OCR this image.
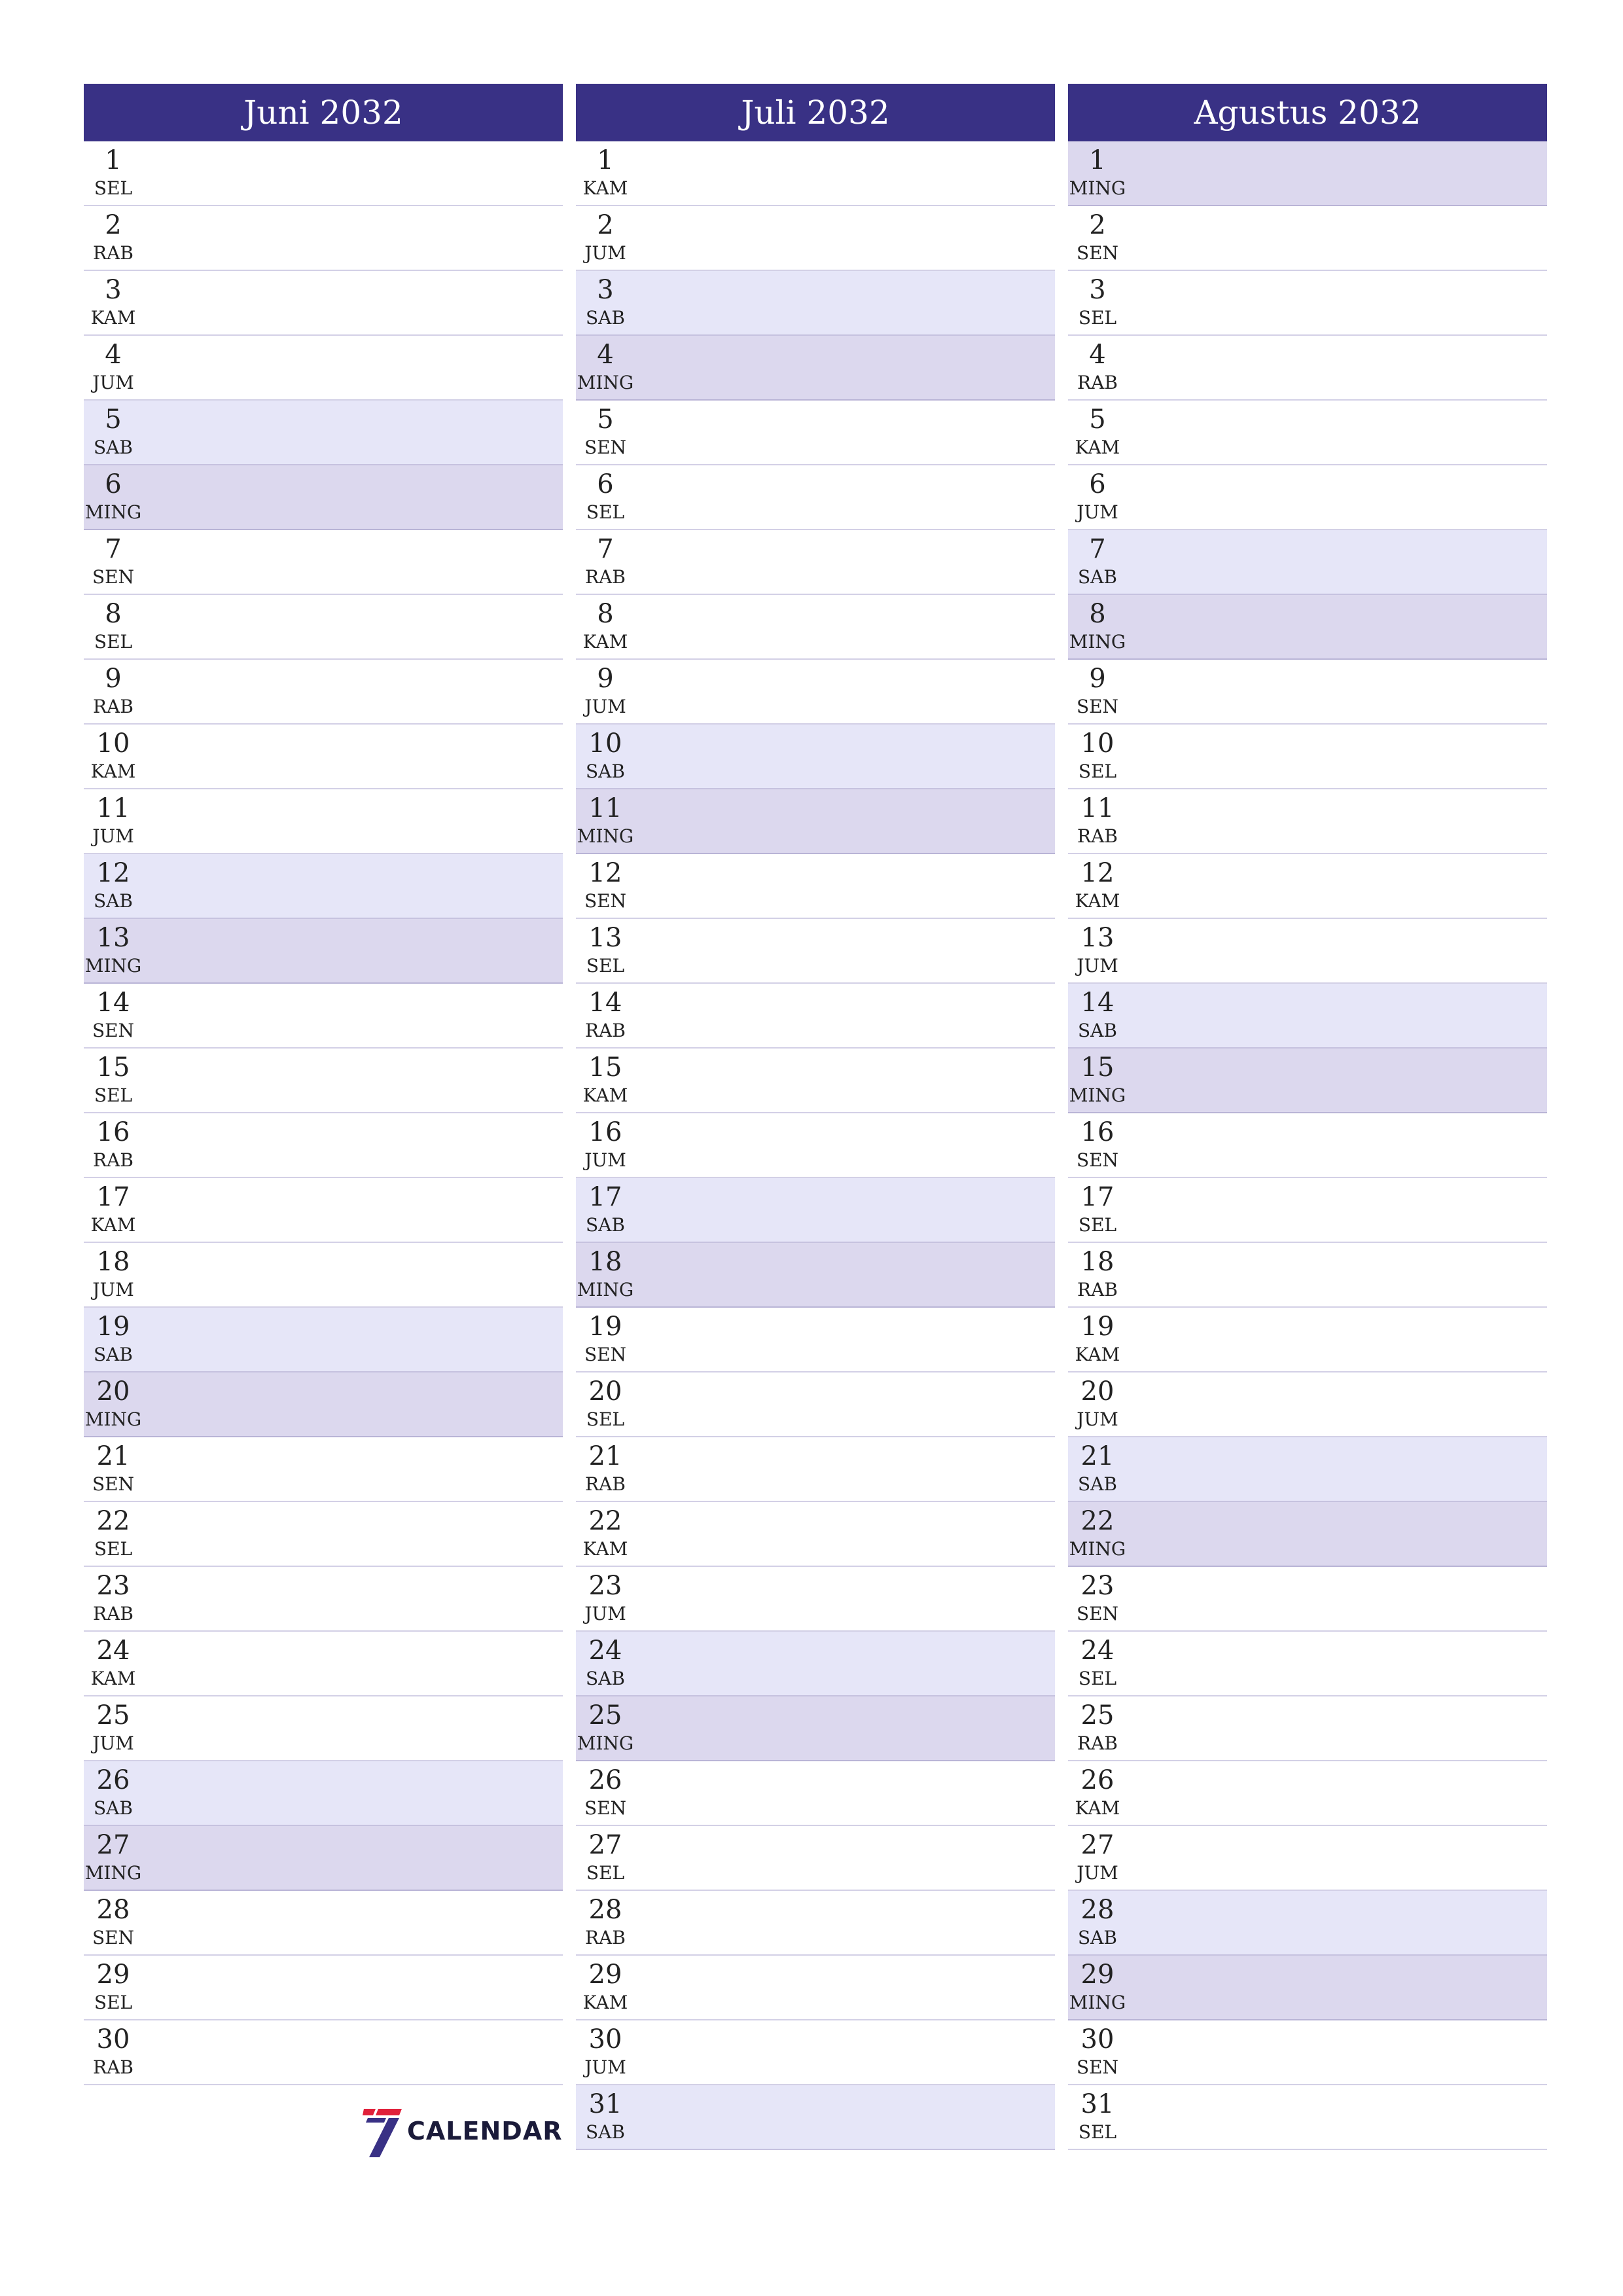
Juni 2032
1
SEL
2
RAB
3
KAM
4
JUM
5
SAB
6
MING
7
SEN
8
SEL
9
RAB
10
KAM
11
JUM
12
SAB
13
MING
14
SEN
15
SEL
16
RAB
17
KAM
18
JUM
19
SAB
20
MING
21
SEN
22
SEL
23
RAB
24
KAM
25
JUM
26
SAB
27
MING
28
SEN
29
SEL
30
RAB
Juli 2032
1
KAM
2
JUM
3
SAB
4
MING
5
SEN
6
SEL
7
RAB
8
KAM
9
JUM
10
SAB
11
MING
12
SEN
13
SEL
14
RAB
15
KAM
16
JUM
17
SAB
18
MING
19
SEN
20
SEL
21
RAB
22
KAM
23
JUM
24
SAB
25
MING
26
SEN
27
SEL
28
RAB
29
KAM
30
JUM
31
SAB
Agustus 2032
1
MING
2
SEN
3
SEL
4
RAB
5
KAM
6
JUM
7
SAB
8
MING
9
SEN
10
SEL
11
RAB
12
KAM
13
JUM
14
SAB
15
MING
16
SEN
17
SEL
18
RAB
19
KAM
20
JUM
21
SAB
22
MING
23
SEN
24
SEL
25
RAB
26
KAM
27
JUM
28
SAB
29
MING
30
SEN
31
SEL
CALENDAR
